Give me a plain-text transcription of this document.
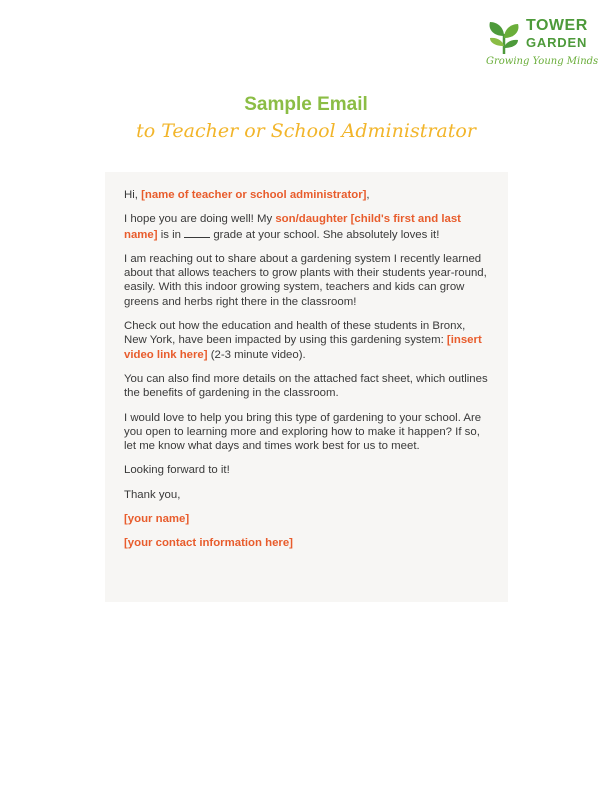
TOWER
GARDEN
Growing Young Minds
Sample Email
to Teacher or School Administrator

Hi, [name of teacher or school administrator],

I hope you are doing well! My son/daughter [child's first and last name] is in  grade at your school. She absolutely loves it!

I am reaching out to share about a gardening system I recently learned about that allows teachers to grow plants with their students year-round, easily. With this indoor growing system, teachers and kids can grow greens and herbs right there in the classroom!

Check out how the education and health of these students in Bronx, New York, have been impacted by using this gardening system: [insert video link here] (2-3 minute video).

You can also find more details on the attached fact sheet, which outlines the benefits of gardening in the classroom.

I would love to help you bring this type of gardening to your school. Are you open to learning more and exploring how to make it happen? If so, let me know what days and times work best for us to meet.

Looking forward to it!

Thank you,

[your name]

[your contact information here]
